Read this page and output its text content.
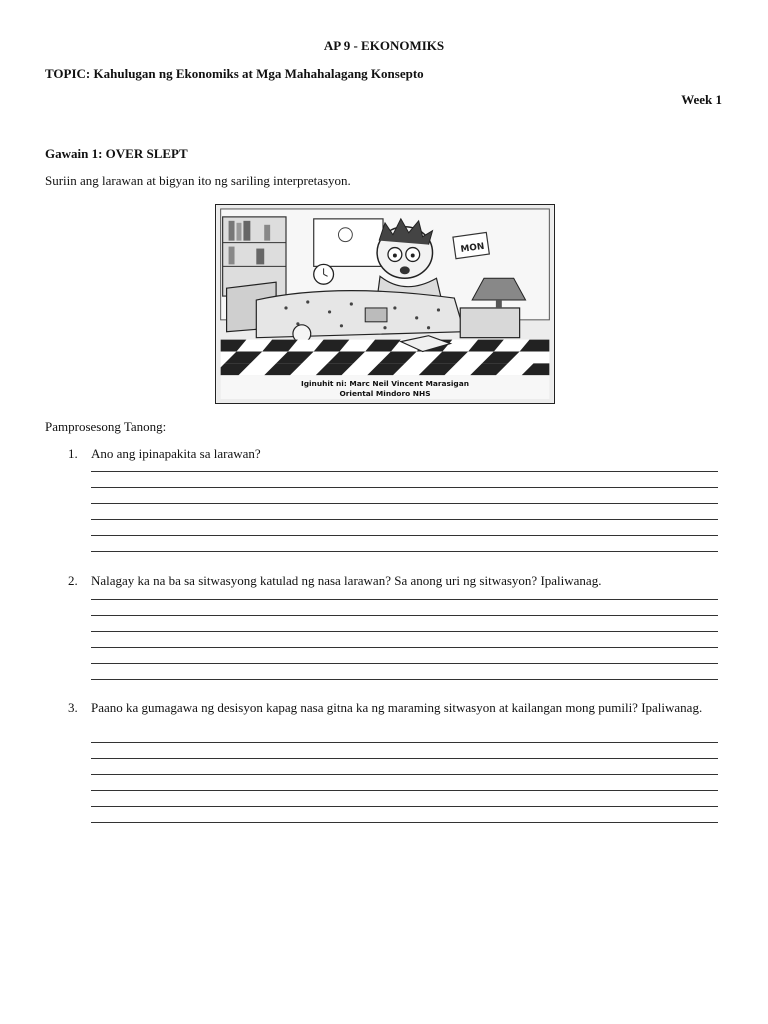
AP 9 - EKONOMIKS
TOPIC: Kahulugan ng Ekonomiks at Mga Mahahalagang Konsepto
Week 1
Gawain 1: OVER SLEPT
Suriin ang larawan at bigyan ito ng sariling interpretasyon.
MON
Iginuhit ni: Marc Neil Vincent Marasigan
Oriental Mindoro NHS
Pamprosesong Tanong:
1. Ano ang ipinapakita sa larawan?
2. Nalagay ka na ba sa sitwasyong katulad ng nasa larawan? Sa anong uri ng sitwasyon? Ipaliwanag.
3. Paano ka gumagawa ng desisyon kapag nasa gitna ka ng maraming sitwasyon at kailangan mong pumili? Ipaliwanag.
